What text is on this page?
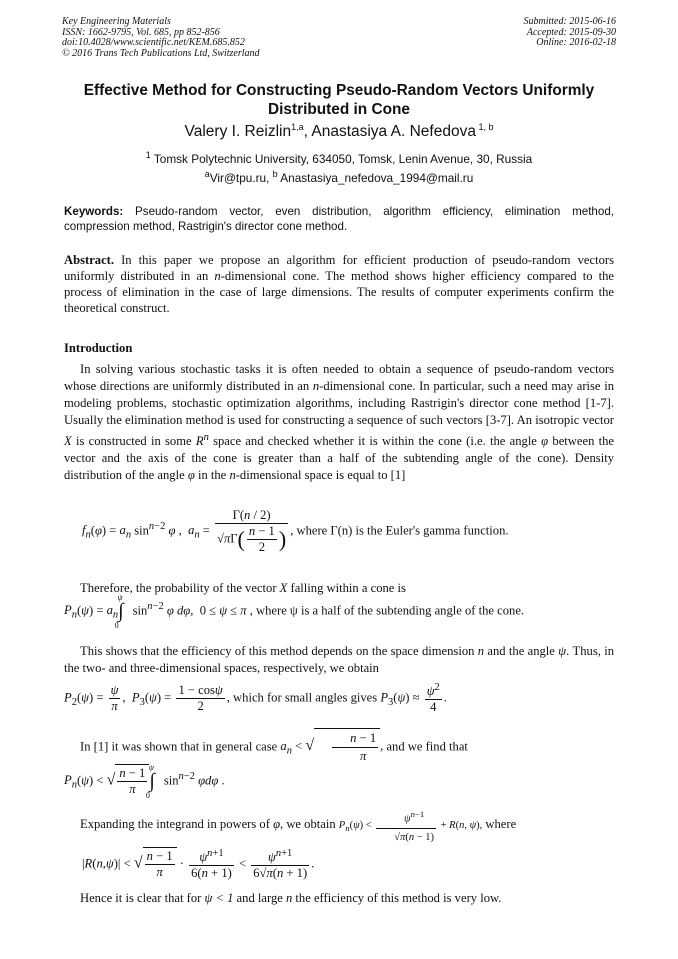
Key Engineering Materials
ISSN: 1662-9795, Vol. 685, pp 852-856
doi:10.4028/www.scientific.net/KEM.685.852
© 2016 Trans Tech Publications Ltd, Switzerland
Submitted: 2015-06-16
Accepted: 2015-09-30
Online: 2016-02-18
Effective Method for Constructing Pseudo-Random Vectors Uniformly Distributed in Cone
Valery I. Reizlin$^{1,a}$, Anastasiya A. Nefedova $^{1, b}$
$^1$ Tomsk Polytechnic University, 634050, Tomsk, Lenin Avenue, 30, Russia
$^a$Vir@tpu.ru, $^b$ Anastasiya_nefedova_1994@mail.ru
Keywords: Pseudo-random vector, even distribution, algorithm efficiency, elimination method, compression method, Rastrigin's director cone method.
Abstract. In this paper we propose an algorithm for efficient production of pseudo-random vectors uniformly distributed in an n-dimensional cone. The method shows higher efficiency compared to the process of elimination in the case of large dimensions. The results of computer experiments confirm the theoretical construct.
Introduction
In solving various stochastic tasks it is often needed to obtain a sequence of pseudo-random vectors whose directions are uniformly distributed in an n-dimensional cone. In particular, such a need may arise in modeling problems, stochastic optimization algorithms, including Rastrigin's director cone method [1-7]. Usually the elimination method is used for constructing a sequence of such vectors [3-7]. An isotropic vector X is constructed in some $R^n$ space and checked whether it is within the cone (i.e. the angle φ between the vector and the axis of the cone is greater than a half of the subtending angle of the cone). Density distribution of the angle φ in the n-dimensional space is equal to [1]
$f_n(\varphi) = a_n$ $\sin^{n-2} \varphi$ ,  $a_n = \frac{\Gamma(n / 2)}{√\pi\Gamma( \frac{n - 1}{2} )}$ , where Γ(n) is the Euler's gamma function.
Therefore, the probability of the vector X falling within a cone is
$P_n(\psi) = a_n\int^\psi_0\sin^{n-2}$ φ dφ,  0 ≤ ψ ≤ π , where ψ is a half of the subtending angle of the cone.
This shows that the efficiency of this method depends on the space dimension n and the angle ψ. Thus, in the two- and three-dimensional spaces, respectively, we obtain
$P_2(\psi) = \frac{\psi}{\pi}$ ,  $P_3(\psi) = \frac{1 - \cos\psi}{2}$ , which for small angles gives $P_3(\psi) \approx \frac{\psi^2}{4}$ .
In [1] it was shown that in general case $a_n$ < √ $\frac{n - 1}{\pi}$ , and we find that
$P_n(\psi)$ < √ $\frac{n - 1}{\pi} \int^\psi_0\sin^{n-2}$ φdφ .
Expanding the integrand in powers of φ, we obtain $P_n(\psi) < \frac{\psi^{n-1}}{√\pi(n - 1)} + R(n$, ψ), where
|R(n,ψ)| < √ $\frac{n - 1}{\pi} \cdot \frac{\psi^{n+1}}{6(n + 1)} < \frac{\psi^{n+1}}{6√\pi(n + 1)}$ .
Hence it is clear that for ψ < 1 and large n the efficiency of this method is very low.
